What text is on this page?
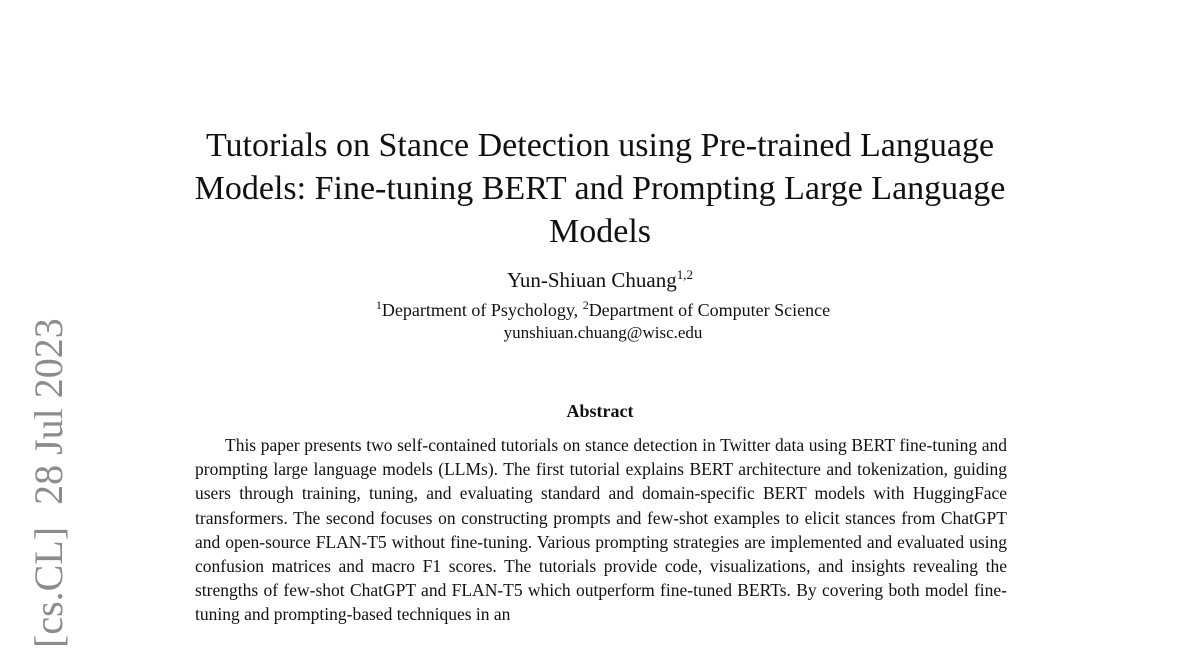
[cs.CL]28 Jul 2023
Tutorials on Stance Detection using Pre-trained Language Models: Fine-tuning BERT and Prompting Large Language Models
Yun-Shiuan Chuang$^{1,2}$
$^1$Department of Psychology, $^2$Department of Computer Science
yunshiuan.chuang@wisc.edu
Abstract
This paper presents two self-contained tutorials on stance detection in Twitter data using BERT fine-tuning and prompting large language models (LLMs). The first tutorial explains BERT architecture and tokenization, guiding users through training, tuning, and evaluating standard and domain-specific BERT models with HuggingFace transformers. The second focuses on constructing prompts and few-shot examples to elicit stances from ChatGPT and open-source FLAN-T5 without fine-tuning. Various prompting strategies are implemented and evaluated using confusion matrices and macro F1 scores. The tutorials provide code, visualizations, and insights revealing the strengths of few-shot ChatGPT and FLAN-T5 which outperform fine-tuned BERTs. By covering both model fine-tuning and prompting-based techniques in an
